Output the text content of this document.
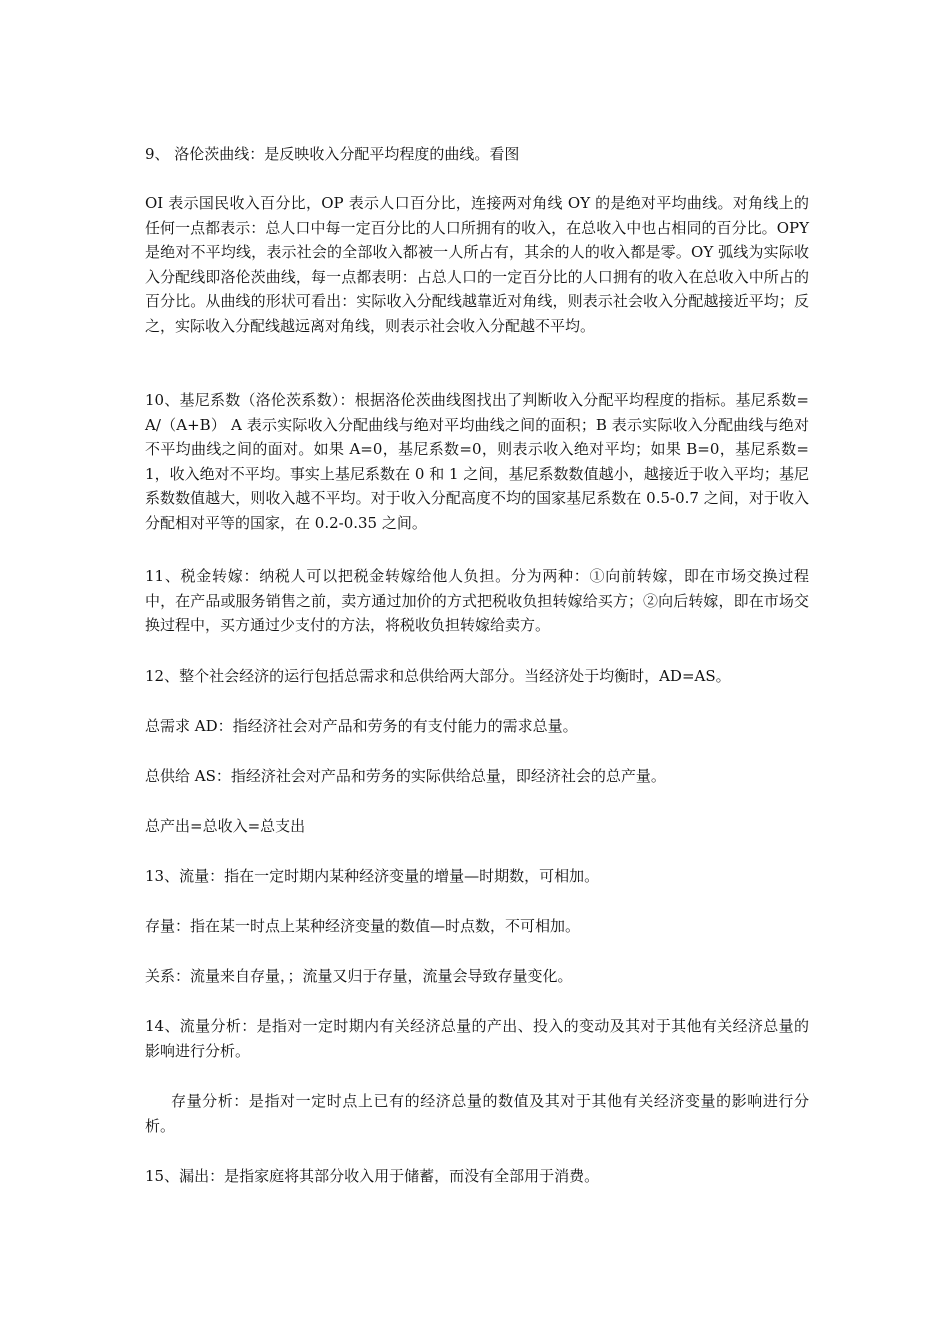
9、 洛伦茨曲线：是反映收入分配平均程度的曲线。看图

OI 表示国民收入百分比，OP 表示人口百分比，连接两对角线 OY 的是绝对平均曲线。对角线上的任何一点都表示：总人口中每一定百分比的人口所拥有的收入，在总收入中也占相同的百分比。OPY 是绝对不平均线，表示社会的全部收入都被一人所占有，其余的人的收入都是零。OY 弧线为实际收入分配线即洛伦茨曲线，每一点都表明：占总人口的一定百分比的人口拥有的收入在总收入中所占的百分比。从曲线的形状可看出：实际收入分配线越靠近对角线，则表示社会收入分配越接近平均；反之，实际收入分配线越远离对角线，则表示社会收入分配越不平均。

10、基尼系数（洛伦茨系数）：根据洛伦茨曲线图找出了判断收入分配平均程度的指标。基尼系数=A/（A+B） A 表示实际收入分配曲线与绝对平均曲线之间的面积；B 表示实际收入分配曲线与绝对不平均曲线之间的面对。如果 A=0，基尼系数=0，则表示收入绝对平均；如果 B=0，基尼系数=1，收入绝对不平均。事实上基尼系数在 0 和 1 之间，基尼系数数值越小，越接近于收入平均；基尼系数数值越大，则收入越不平均。对于收入分配高度不均的国家基尼系数在 0.5-0.7 之间，对于收入分配相对平等的国家，在 0.2-0.35 之间。

11、税金转嫁：纳税人可以把税金转嫁给他人负担。分为两种：①向前转嫁，即在市场交换过程中，在产品或服务销售之前，卖方通过加价的方式把税收负担转嫁给买方；②向后转嫁，即在市场交换过程中，买方通过少支付的方法，将税收负担转嫁给卖方。

12、整个社会经济的运行包括总需求和总供给两大部分。当经济处于均衡时，AD=AS。

总需求 AD：指经济社会对产品和劳务的有支付能力的需求总量。

总供给 AS：指经济社会对产品和劳务的实际供给总量，即经济社会的总产量。

总产出=总收入=总支出

13、流量：指在一定时期内某种经济变量的增量—时期数，可相加。

存量：指在某一时点上某种经济变量的数值—时点数，不可相加。

关系：流量来自存量，；流量又归于存量，流量会导致存量变化。

14、流量分析：是指对一定时期内有关经济总量的产出、投入的变动及其对于其他有关经济总量的影响进行分析。

存量分析：是指对一定时点上已有的经济总量的数值及其对于其他有关经济变量的影响进行分析。

15、漏出：是指家庭将其部分收入用于储蓄，而没有全部用于消费。
